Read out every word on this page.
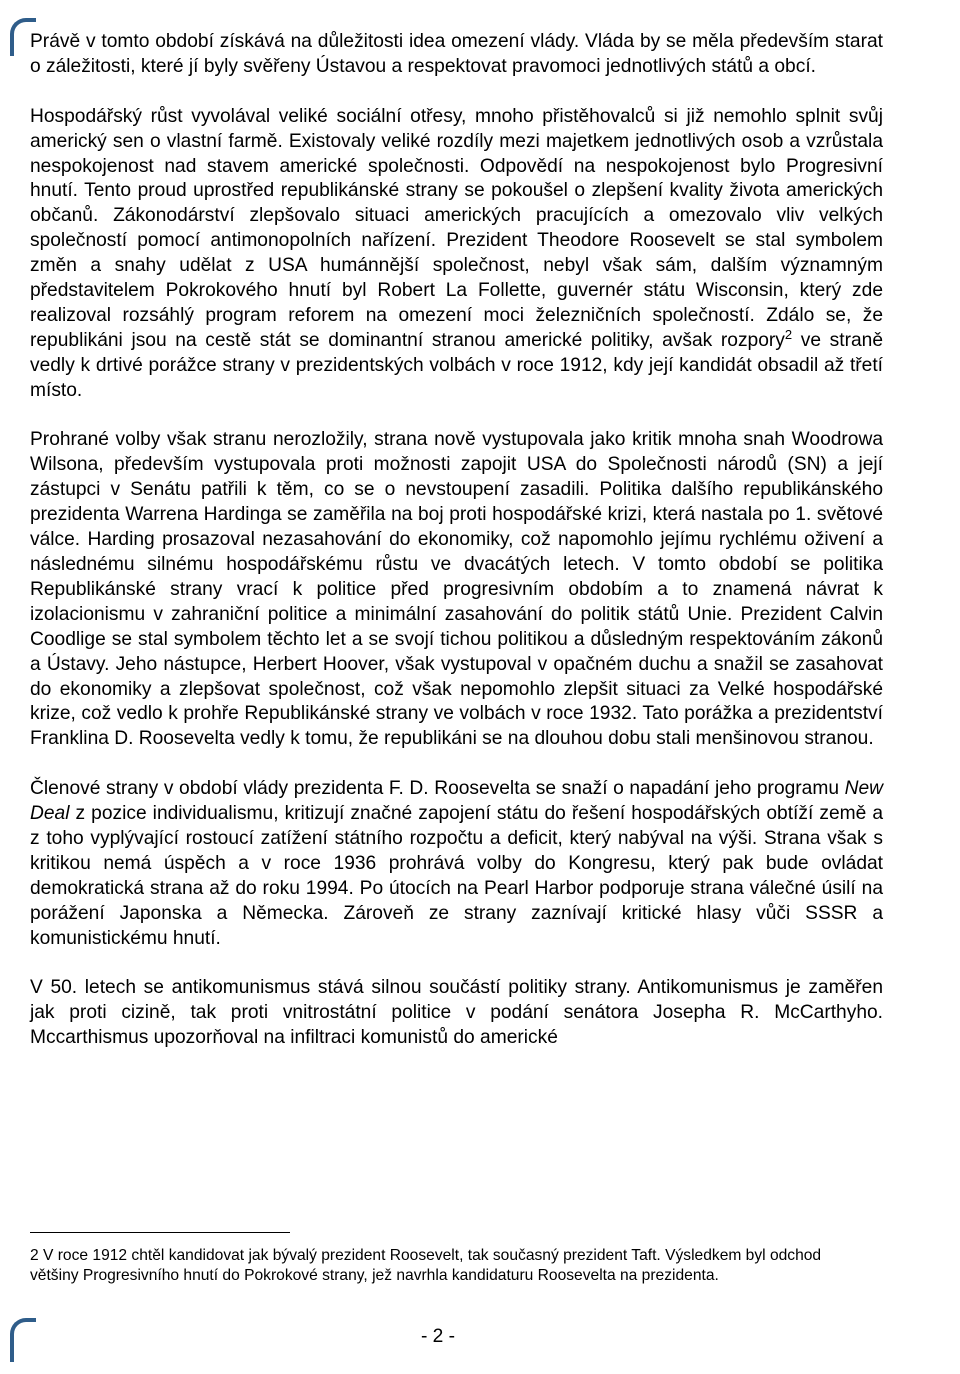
Právě v tomto období získává na důležitosti idea omezení vlády. Vláda by se měla především starat o záležitosti, které jí byly svěřeny Ústavou a respektovat pravomoci jednotlivých států a obcí.

Hospodářský růst vyvolával veliké sociální otřesy, mnoho přistěhovalců si již nemohlo splnit svůj americký sen o vlastní farmě. Existovaly veliké rozdíly mezi majetkem jednotlivých osob a vzrůstala nespokojenost nad stavem americké společnosti. Odpovědí na nespokojenost bylo Progresivní hnutí. Tento proud uprostřed republikánské strany se pokoušel o zlepšení kvality života amerických občanů. Zákonodárství zlepšovalo situaci amerických pracujících a omezovalo vliv velkých společností pomocí antimonopolních nařízení. Prezident Theodore Roosevelt se stal symbolem změn a snahy udělat z USA humánnější společnost, nebyl však sám, dalším významným představitelem Pokrokového hnutí byl Robert La Follette, guvernér státu Wisconsin, který zde realizoval rozsáhlý program reforem na omezení moci železničních společností. Zdálo se, že republikáni jsou na cestě stát se dominantní stranou americké politiky, avšak rozpory$^2$ ve straně vedly k drtivé porážce strany v prezidentských volbách v roce 1912, kdy její kandidát obsadil až třetí místo.

Prohrané volby však stranu nerozložily, strana nově vystupovala jako kritik mnoha snah Woodrowa Wilsona, především vystupovala proti možnosti zapojit USA do Společnosti národů (SN) a její zástupci v Senátu patřili k těm, co se o nevstoupení zasadili. Politika dalšího republikánského prezidenta Warrena Hardinga se zaměřila na boj proti hospodářské krizi, která nastala po 1. světové válce. Harding prosazoval nezasahování do ekonomiky, což napomohlo jejímu rychlému oživení a následnému silnému hospodářskému růstu ve dvacátých letech. V tomto období se politika Republikánské strany vrací k politice před progresivním obdobím a to znamená návrat k izolacionismu v zahraniční politice a minimální zasahování do politik států Unie. Prezident Calvin Coodlige se stal symbolem těchto let a se svojí tichou politikou a důsledným respektováním zákonů a Ústavy. Jeho nástupce, Herbert Hoover, však vystupoval v opačném duchu a snažil se zasahovat do ekonomiky a zlepšovat společnost, což však nepomohlo zlepšit situaci za Velké hospodářské krize, což vedlo k prohře Republikánské strany ve volbách v roce 1932. Tato porážka a prezidentství Franklina D. Roosevelta vedly k tomu, že republikáni se na dlouhou dobu stali menšinovou stranou.

Členové strany v období vlády prezidenta F. D. Roosevelta se snaží o napadání jeho programu New Deal z pozice individualismu, kritizují značné zapojení státu do řešení hospodářských obtíží země a z toho vyplývající rostoucí zatížení státního rozpočtu a deficit, který nabýval na výši. Strana však s kritikou nemá úspěch a v roce 1936 prohrává volby do Kongresu, který pak bude ovládat demokratická strana až do roku 1994. Po útocích na Pearl Harbor podporuje strana válečné úsilí na porážení Japonska a Německa. Zároveň ze strany zaznívají kritické hlasy vůči SSSR a komunistickému hnutí.

V 50. letech se antikomunismus stává silnou součástí politiky strany. Antikomunismus je zaměřen jak proti cizině, tak proti vnitrostátní politice v podání senátora Josepha R. McCarthyho. Mccarthismus upozorňoval na infiltraci komunistů do americké

2 V roce 1912 chtěl kandidovat jak bývalý prezident Roosevelt, tak současný prezident Taft. Výsledkem byl odchod většiny Progresivního hnutí do Pokrokové strany, jež navrhla kandidaturu Roosevelta na prezidenta.
- 2 -
